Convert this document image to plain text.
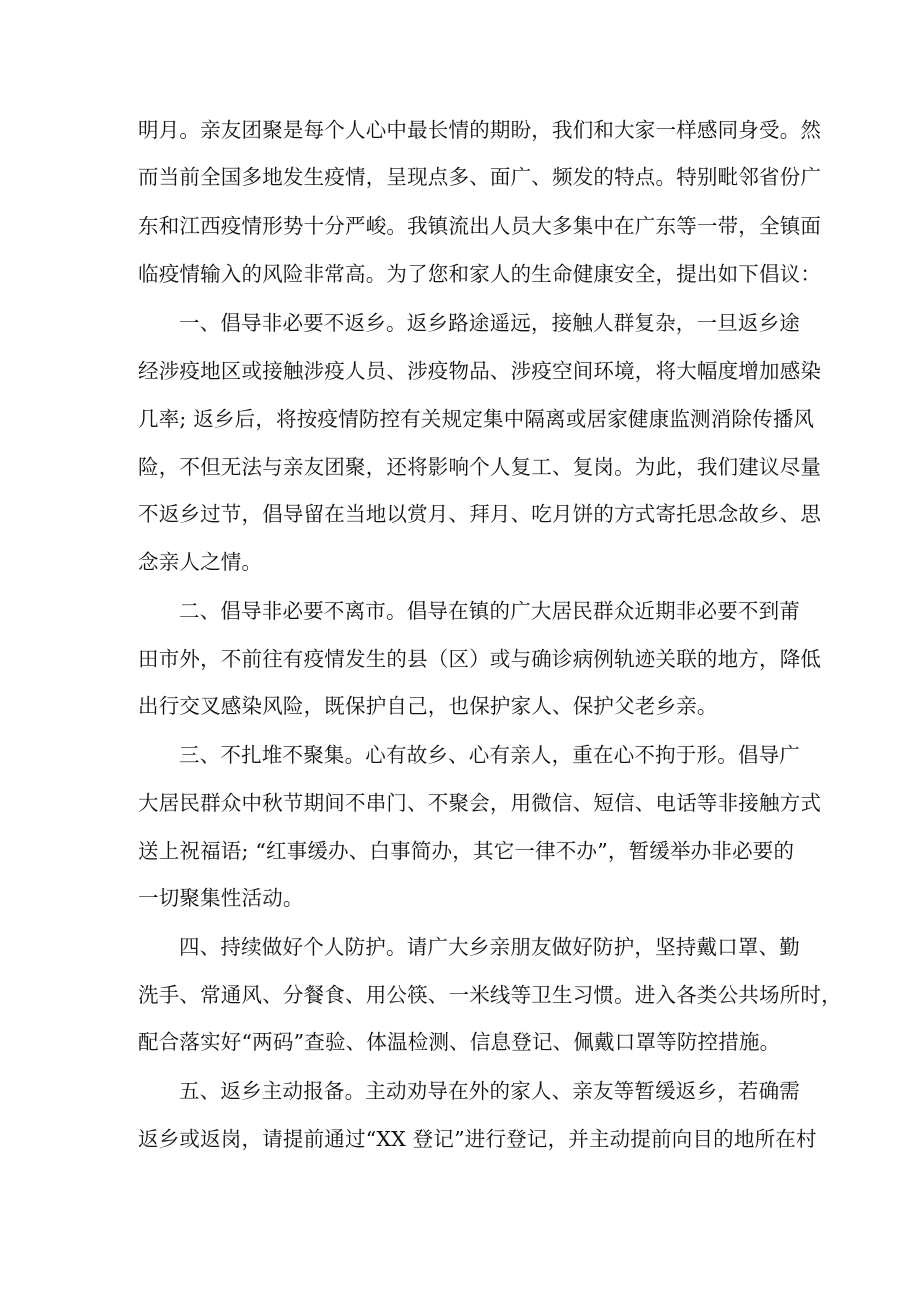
明月。亲友团聚是每个人心中最长情的期盼，我们和大家一样感同身受。然
而当前全国多地发生疫情，呈现点多、面广、频发的特点。特别毗邻省份广
东和江西疫情形势十分严峻。我镇流出人员大多集中在广东等一带，全镇面
临疫情输入的风险非常高。为了您和家人的生命健康安全，提出如下倡议：
一、倡导非必要不返乡。返乡路途遥远，接触人群复杂，一旦返乡途
经涉疫地区或接触涉疫人员、涉疫物品、涉疫空间环境，将大幅度增加感染
几率; 返乡后，将按疫情防控有关规定集中隔离或居家健康监测消除传播风
险，不但无法与亲友团聚，还将影响个人复工、复岗。为此，我们建议尽量
不返乡过节，倡导留在当地以赏月、拜月、吃月饼的方式寄托思念故乡、思
念亲人之情。
二、倡导非必要不离市。倡导在镇的广大居民群众近期非必要不到莆
田市外，不前往有疫情发生的县（区）或与确诊病例轨迹关联的地方，降低
出行交叉感染风险，既保护自己，也保护家人、保护父老乡亲。
三、不扎堆不聚集。心有故乡、心有亲人，重在心不拘于形。倡导广
大居民群众中秋节期间不串门、不聚会，用微信、短信、电话等非接触方式
送上祝福语; “红事缓办、白事简办，其它一律不办”，暂缓举办非必要的
一切聚集性活动。
四、持续做好个人防护。请广大乡亲朋友做好防护，坚持戴口罩、勤
洗手、常通风、分餐食、用公筷、一米线等卫生习惯。进入各类公共场所时，
配合落实好“两码”查验、体温检测、信息登记、佩戴口罩等防控措施。
五、返乡主动报备。主动劝导在外的家人、亲友等暂缓返乡，若确需
返乡或返岗，请提前通过“XX 登记”进行登记，并主动提前向目的地所在村
